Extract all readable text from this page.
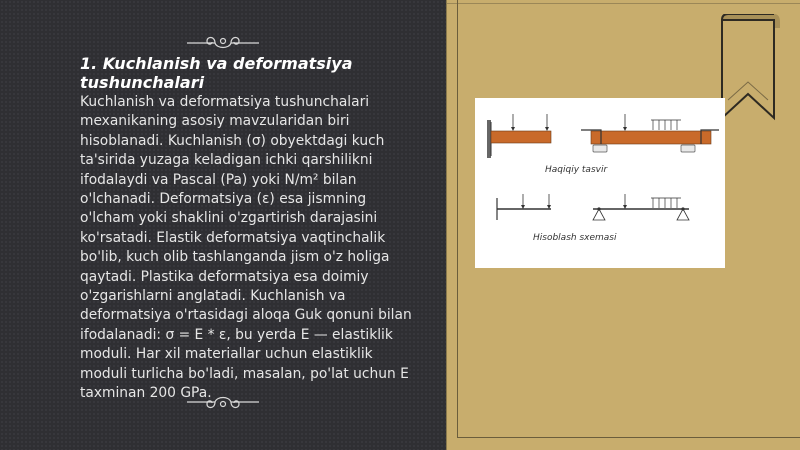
1. Kuchlanish va deformatsiya tushunchalari

Kuchlanish va deformatsiya tushunchalari mexanikaning asosiy mavzularidan biri hisoblanadi. Kuchlanish (σ) obyektdagi kuch ta'sirida yuzaga keladigan ichki qarshilikni ifodalaydi va Pascal (Pa) yoki N/m² bilan o'lchanadi. Deformatsiya (ε) esa jismning o'lcham yoki shaklini o'zgartirish darajasini ko'rsatadi. Elastik deformatsiya vaqtinchalik bo'lib, kuch olib tashlanganda jism o'z holiga qaytadi. Plastika deformatsiya esa doimiy o'zgarishlarni anglatadi. Kuchlanish va deformatsiya o'rtasidagi aloqa Guk qonuni bilan ifodalanadi: σ = E * ε, bu yerda E — elastiklik moduli. Har xil materiallar uchun elastiklik moduli turlicha bo'ladi, masalan, po'lat uchun E taxminan 200 GPa.

Haqiqiy tasvir
Hisoblash sxemasi
